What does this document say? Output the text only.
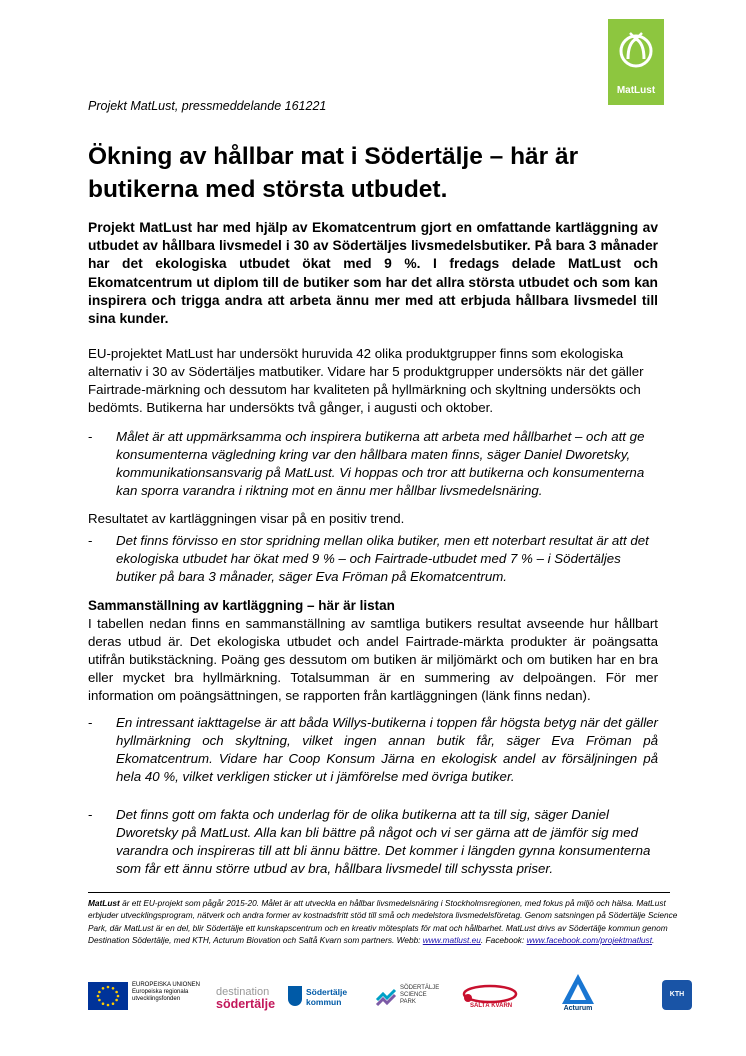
MatLust
Projekt MatLust, pressmeddelande 161221
Ökning av hållbar mat i Södertälje – här är butikerna med största utbudet.

Projekt MatLust har med hjälp av Ekomatcentrum gjort en omfattande kartläggning av utbudet av hållbara livsmedel i 30 av Södertäljes livsmedelsbutiker. På bara 3 månader har det ekologiska utbudet ökat med 9 %. I fredags delade MatLust och Ekomatcentrum ut diplom till de butiker som har det allra största utbudet och som kan inspirera och trigga andra att arbeta ännu mer med att erbjuda hållbara livsmedel till sina kunder.

EU-projektet MatLust har undersökt huruvida 42 olika produktgrupper finns som ekologiska alternativ i 30 av Södertäljes matbutiker. Vidare har 5 produktgrupper undersökts när det gäller Fairtrade-märkning och dessutom har kvaliteten på hyllmärkning och skyltning undersökts och bedömts. Butikerna har undersökts två gånger, i augusti och oktober.

- Målet är att uppmärksamma och inspirera butikerna att arbeta med hållbarhet – och att ge konsumenterna vägledning kring var den hållbara maten finns, säger Daniel Dworetsky, kommunikationsansvarig på MatLust. Vi hoppas och tror att butikerna och konsumenterna kan sporra varandra i riktning mot en ännu mer hållbar livsmedelsnäring.

Resultatet av kartläggningen visar på en positiv trend.

- Det finns förvisso en stor spridning mellan olika butiker, men ett noterbart resultat är att det ekologiska utbudet har ökat med 9 % – och Fairtrade-utbudet med 7 % – i Södertäljes butiker på bara 3 månader, säger Eva Fröman på Ekomatcentrum.
Sammanställning av kartläggning – här är listan

I tabellen nedan finns en sammanställning av samtliga butikers resultat avseende hur hållbart deras utbud är. Det ekologiska utbudet och andel Fairtrade-märkta produkter är poängsatta utifrån butikstäckning. Poäng ges dessutom om butiken är miljömärkt och om butiken har en bra eller mycket bra hyllmärkning. Totalsumman är en summering av delpoängen. För mer information om poängsättningen, se rapporten från kartläggningen (länk finns nedan).

- En intressant iakttagelse är att båda Willys-butikerna i toppen får högsta betyg när det gäller hyllmärkning och skyltning, vilket ingen annan butik får, säger Eva Fröman på Ekomatcentrum. Vidare har Coop Konsum Järna en ekologisk andel av försäljningen på hela 40 %, vilket verkligen sticker ut i jämförelse med övriga butiker.
- Det finns gott om fakta och underlag för de olika butikerna att ta till sig, säger Daniel Dworetsky på MatLust. Alla kan bli bättre på något och vi ser gärna att de jämför sig med varandra och inspireras till att bli ännu bättre. Det kommer i längden gynna konsumenterna som får ett ännu större utbud av bra, hållbara livsmedel till schyssta priser.

MatLust är ett EU-projekt som pågår 2015-20. Målet är att utveckla en hållbar livsmedelsnäring i Stockholmsregionen, med fokus på miljö och hälsa. MatLust erbjuder utvecklingsprogram, nätverk och andra former av kostnadsfritt stöd till små och medelstora livsmedelsföretag. Genom satsningen på Södertälje Science Park, där MatLust är en del, blir Södertälje ett kunskapscentrum och en kreativ mötesplats för mat och hållbarhet. MatLust drivs av Södertälje kommun genom Destination Södertälje, med KTH, Acturum Biovation och Saltå Kvarn som partners. Webb: www.matlust.eu. Facebook: www.facebook.com/projektmatlust.

EUROPEISKA UNIONEN Europeiska regionala utvecklingsfonden
destination
södertälje
Södertälje kommun
SÖDERTÄLJE SCIENCE PARK
SALTÅ KVARN	Acturum
KTH
